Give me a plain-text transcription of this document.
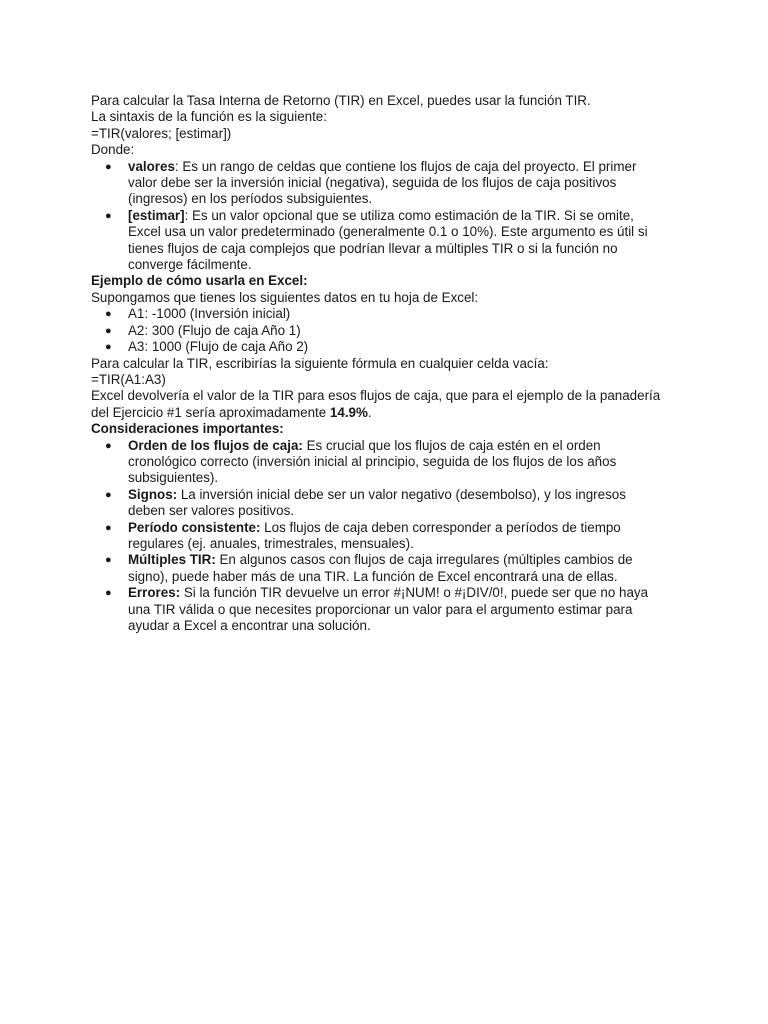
Para calcular la Tasa Interna de Retorno (TIR) en Excel, puedes usar la función TIR.
La sintaxis de la función es la siguiente:
=TIR(valores; [estimar])
Donde:
● valores: Es un rango de celdas que contiene los flujos de caja del proyecto. El primer
valor debe ser la inversión inicial (negativa), seguida de los flujos de caja positivos
(ingresos) en los períodos subsiguientes.
● [estimar]: Es un valor opcional que se utiliza como estimación de la TIR. Si se omite,
Excel usa un valor predeterminado (generalmente 0.1 o 10%). Este argumento es útil si
tienes flujos de caja complejos que podrían llevar a múltiples TIR o si la función no
converge fácilmente.
Ejemplo de cómo usarla en Excel:
Supongamos que tienes los siguientes datos en tu hoja de Excel:
● A1: -1000 (Inversión inicial)
● A2: 300 (Flujo de caja Año 1)
● A3: 1000 (Flujo de caja Año 2)
Para calcular la TIR, escribirías la siguiente fórmula en cualquier celda vacía:
=TIR(A1:A3)
Excel devolvería el valor de la TIR para esos flujos de caja, que para el ejemplo de la panadería
del Ejercicio #1 sería aproximadamente 14.9%.
Consideraciones importantes:
● Orden de los flujos de caja: Es crucial que los flujos de caja estén en el orden
cronológico correcto (inversión inicial al principio, seguida de los flujos de los años
subsiguientes).
● Signos: La inversión inicial debe ser un valor negativo (desembolso), y los ingresos
deben ser valores positivos.
● Período consistente: Los flujos de caja deben corresponder a períodos de tiempo
regulares (ej. anuales, trimestrales, mensuales).
● Múltiples TIR: En algunos casos con flujos de caja irregulares (múltiples cambios de
signo), puede haber más de una TIR. La función de Excel encontrará una de ellas.
● Errores: Si la función TIR devuelve un error #¡NUM! o #¡DIV/0!, puede ser que no haya
una TIR válida o que necesites proporcionar un valor para el argumento estimar para
ayudar a Excel a encontrar una solución.
